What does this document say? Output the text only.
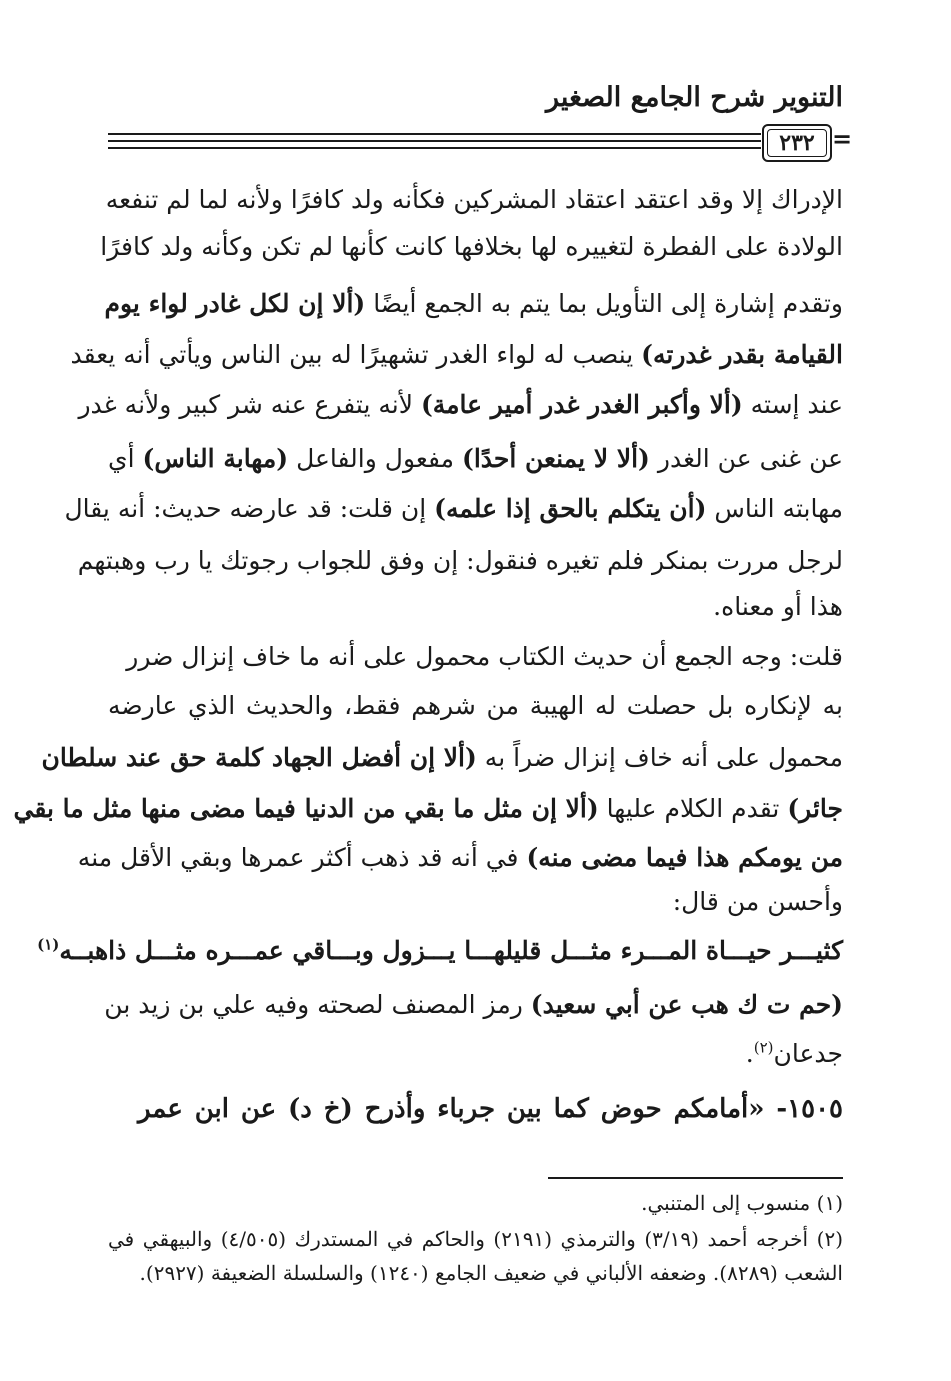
التنوير شرح الجامع الصغير
٢٣٢ =
الإدراك إلا وقد اعتقد اعتقاد المشركين فكأنه ولد كافرًا ولأنه لما لم تنفعه
الولادة على الفطرة لتغييره لها بخلافها كانت كأنها لم تكن وكأنه ولد كافرًا
وتقدم إشارة إلى التأويل بما يتم به الجمع أيضًا (ألا إن لكل غادر لواء يوم
القيامة بقدر غدرته) ينصب له لواء الغدر تشهيرًا له بين الناس ويأتي أنه يعقد
عند إسته (ألا وأكبر الغدر غدر أمير عامة) لأنه يتفرع عنه شر كبير ولأنه غدر
عن غنى عن الغدر (ألا لا يمنعن أحدًا) مفعول والفاعل (مهابة الناس) أي
مهابته الناس (أن يتكلم بالحق إذا علمه) إن قلت: قد عارضه حديث: أنه يقال
لرجل مررت بمنكر فلم تغيره فنقول: إن وفق للجواب رجوتك يا رب وهبتهم
هذا أو معناه.
قلت: وجه الجمع أن حديث الكتاب محمول على أنه ما خاف إنزال ضرر
به لإنكاره بل حصلت له الهيبة من شرهم فقط، والحديث الذي عارضه
محمول على أنه خاف إنزال ضراً به (ألا إن أفضل الجهاد كلمة حق عند سلطان
جائر) تقدم الكلام عليها (ألا إن مثل ما بقي من الدنيا فيما مضى منها مثل ما بقي
من يومكم هذا فيما مضى منه) في أنه قد ذهب أكثر عمرها وبقي الأقل منه
وأحسن من قال:
كثيـــر حيـــاة المـــرء مثـــل قليلهـــا يـــزول وبـــاقي عمـــره مثـــل ذاهبــه$^{(١)}$
(حم ت ك هب عن أبي سعيد) رمز المصنف لصحته وفيه علي بن زيد بن
جدعان$^{(٢)}$.
١٥٠٥- «أمامكم حوض كما بين جرباء وأذرح (خ د) عن ابن عمر
(١) منسوب إلى المتنبي.
(٢) أخرجه أحمد (٣/١٩) والترمذي (٢١٩١) والحاكم في المستدرك (٤/٥٠٥) والبيهقي في
الشعب (٨٢٨٩). وضعفه الألباني في ضعيف الجامع (١٢٤٠) والسلسلة الضعيفة (٢٩٢٧).
